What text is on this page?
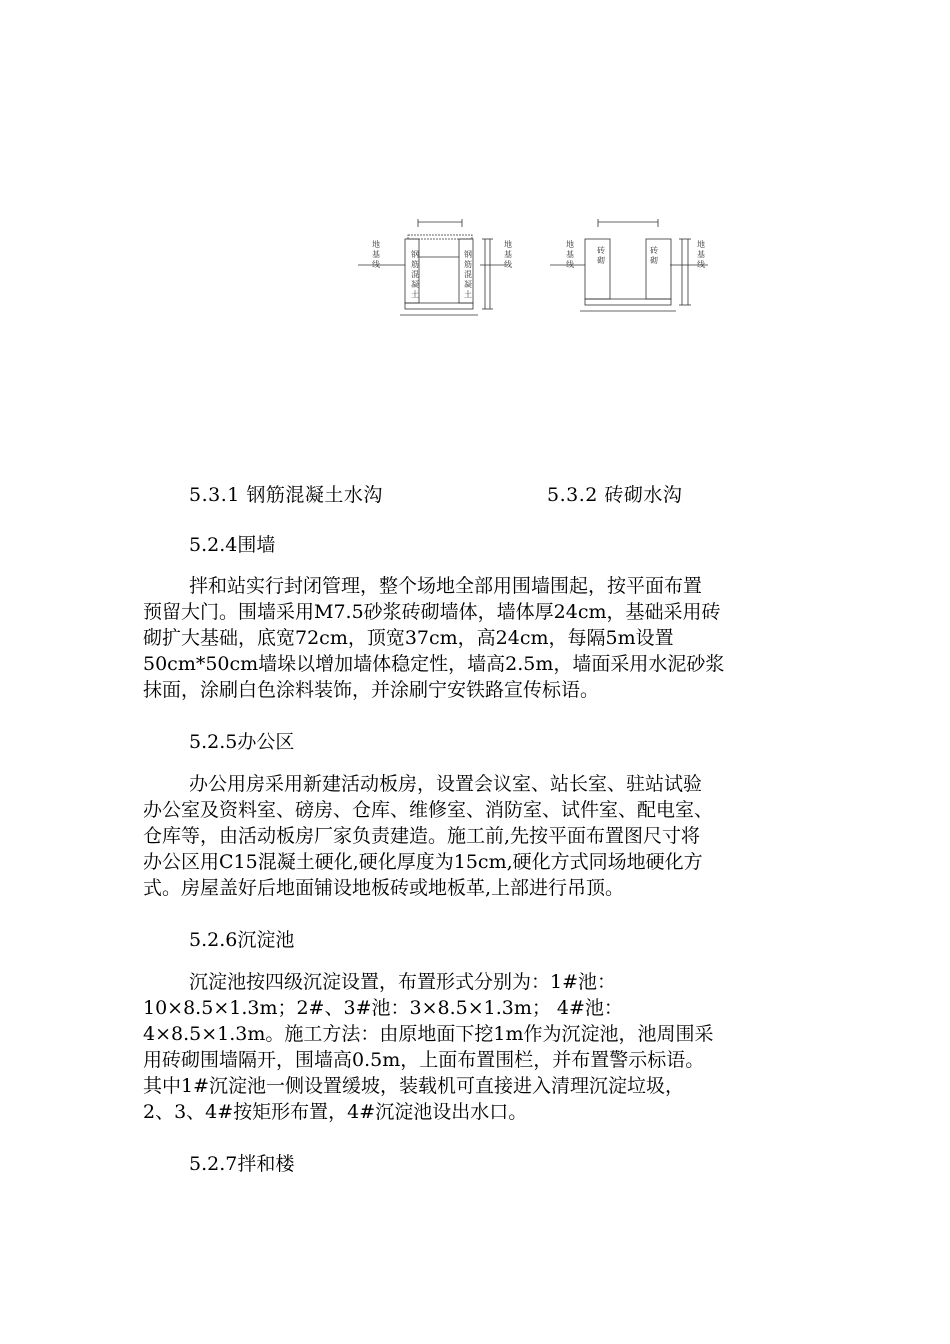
地基线
钢筋混凝土
钢筋混凝土
地基线
地基线
砖砌
砖砌
地基线
5.3.1 钢筋混凝土水沟	5.3.2 砖砌水沟
5.2.4围墙

拌和站实行封闭管理，整个场地全部用围墙围起，按平面布置

预留大门。围墙采用M7.5砂浆砖砌墙体，墙体厚24cm，基础采用砖

砌扩大基础，底宽72cm，顶宽37cm，高24cm，每隔5m设置

50cm*50cm墙垛以增加墙体稳定性，墙高2.5m，墙面采用水泥砂浆

抹面，涂刷白色涂料装饰，并涂刷宁安铁路宣传标语。

5.2.5办公区

办公用房采用新建活动板房，设置会议室、站长室、驻站试验

办公室及资料室、磅房、仓库、维修室、消防室、试件室、配电室、

仓库等，由活动板房厂家负责建造。施工前,先按平面布置图尺寸将

办公区用C15混凝土硬化,硬化厚度为15cm,硬化方式同场地硬化方

式。房屋盖好后地面铺设地板砖或地板革,上部进行吊顶。

5.2.6沉淀池

沉淀池按四级沉淀设置，布置形式分别为：1#池：

10×8.5×1.3m；2#、3#池：3×8.5×1.3m； 4#池：

4×8.5×1.3m。施工方法：由原地面下挖1m作为沉淀池，池周围采

用砖砌围墙隔开，围墙高0.5m，上面布置围栏，并布置警示标语。

其中1#沉淀池一侧设置缓坡，装载机可直接进入清理沉淀垃圾，

2、3、4#按矩形布置，4#沉淀池设出水口。

5.2.7拌和楼
